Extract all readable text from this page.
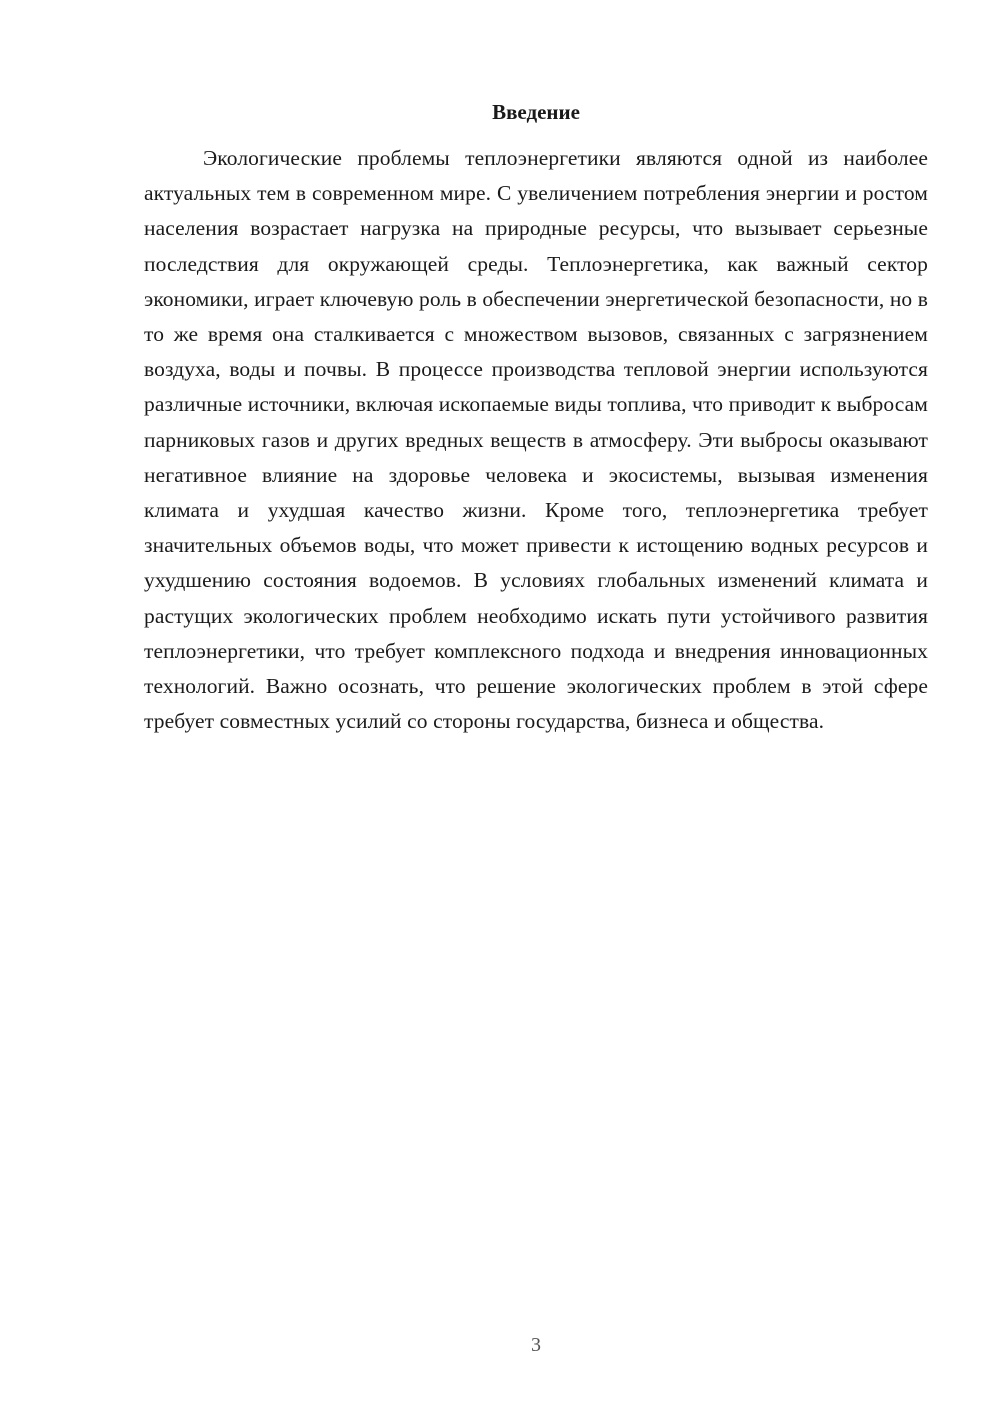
Введение

Экологические проблемы теплоэнергетики являются одной из наиболее актуальных тем в современном мире. С увеличением потребления энергии и ростом населения возрастает нагрузка на природные ресурсы, что вызывает серьезные последствия для окружающей среды. Теплоэнергетика, как важный сектор экономики, играет ключевую роль в обеспечении энергетической безопасности, но в то же время она сталкивается с множеством вызовов, связанных с загрязнением воздуха, воды и почвы. В процессе производства тепловой энергии используются различные источники, включая ископаемые виды топлива, что приводит к выбросам парниковых газов и других вредных веществ в атмосферу. Эти выбросы оказывают негативное влияние на здоровье человека и экосистемы, вызывая изменения климата и ухудшая качество жизни. Кроме того, теплоэнергетика требует значительных объемов воды, что может привести к истощению водных ресурсов и ухудшению состояния водоемов. В условиях глобальных изменений климата и растущих экологических проблем необходимо искать пути устойчивого развития теплоэнергетики, что требует комплексного подхода и внедрения инновационных технологий. Важно осознать, что решение экологических проблем в этой сфере требует совместных усилий со стороны государства, бизнеса и общества.

3
